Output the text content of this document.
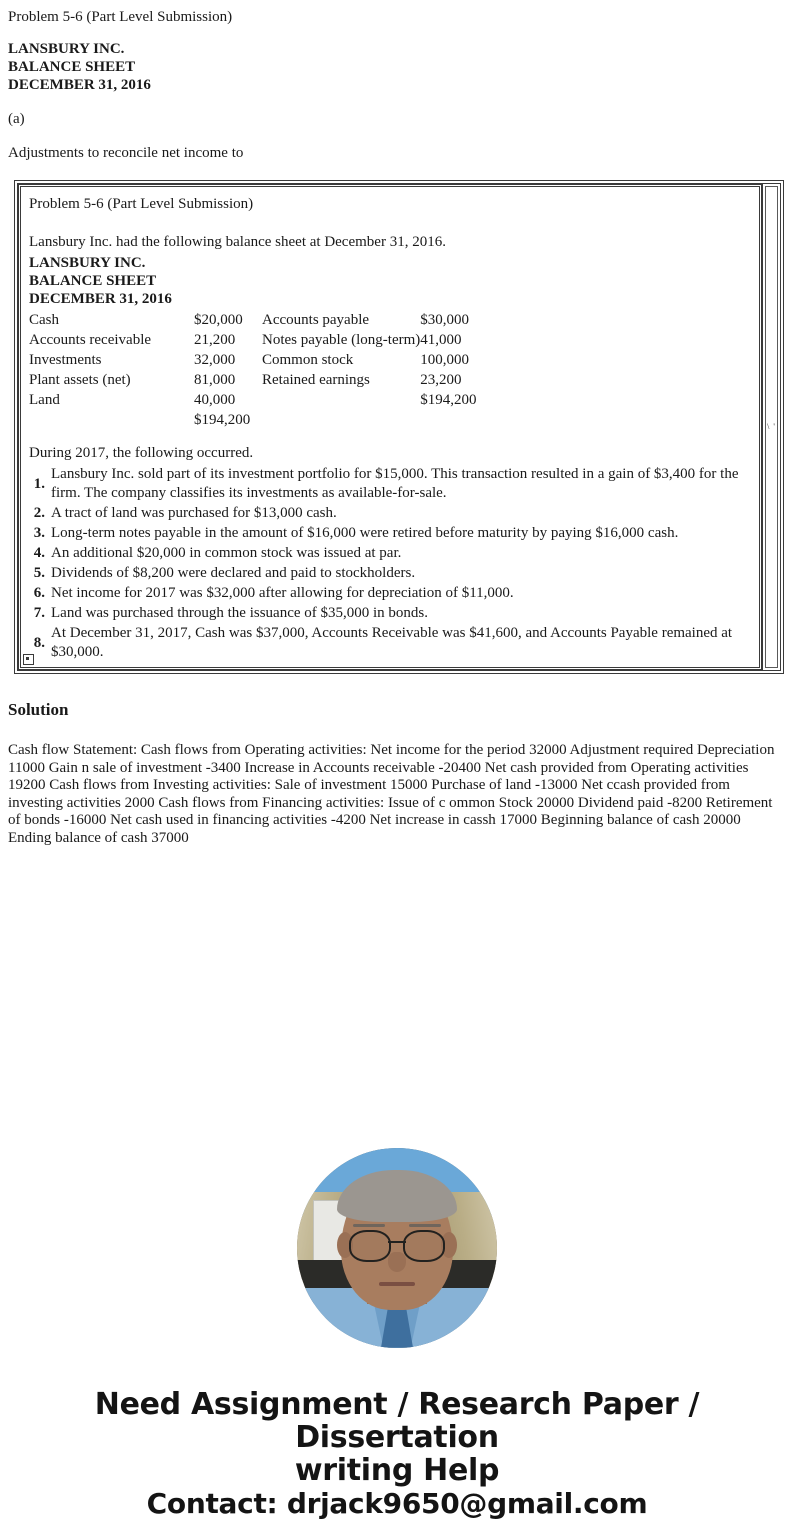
Problem 5-6 (Part Level Submission)

LANSBURY INC.
BALANCE SHEET
DECEMBER 31, 2016

(a)

Adjustments to reconcile net income to

Problem 5-6 (Part Level Submission)

Lansbury Inc. had the following balance sheet at December 31, 2016.

LANSBURY INC.
BALANCE SHEET
DECEMBER 31, 2016
Cash	$20,000	Accounts payable	$30,000
Accounts receivable	21,200	Notes payable (long-term)	41,000
Investments	32,000	Common stock	100,000
Plant assets (net)	81,000	Retained earnings	23,200
Land	40,000		$194,200
	$194,200		

During 2017, the following occurred.

1.
Lansbury Inc. sold part of its investment portfolio for $15,000. This transaction resulted in a gain of $3,400 for the firm. The company classifies its investments as available-for-sale.
2. A tract of land was purchased for $13,000 cash.
3. Long-term notes payable in the amount of $16,000 were retired before maturity by paying $16,000 cash.
4. An additional $20,000 in common stock was issued at par.
5. Dividends of $8,200 were declared and paid to stockholders.
6. Net income for 2017 was $32,000 after allowing for depreciation of $11,000.
7. Land was purchased through the issuance of $35,000 in bonds.
8.
At December 31, 2017, Cash was $37,000, Accounts Receivable was $41,600, and Accounts Payable remained at $30,000.
\ '
Solution

Cash flow Statement: Cash flows from Operating activities: Net income for the period 32000 Adjustment required Depreciation 11000 Gain n sale of investment -3400 Increase in Accounts receivable -20400 Net cash provided from Operating activities 19200 Cash flows from Investing activities: Sale of investment 15000 Purchase of land -13000 Net ccash provided from investing activities 2000 Cash flows from Financing activities: Issue of c ommon Stock 20000 Dividend paid -8200 Retirement of bonds -16000 Net cash used in financing activities -4200 Net increase in cassh 17000 Beginning balance of cash 20000 Ending balance of cash 37000

Need Assignment / Research Paper / Dissertation
writing Help
Contact: drjack9650@gmail.com
